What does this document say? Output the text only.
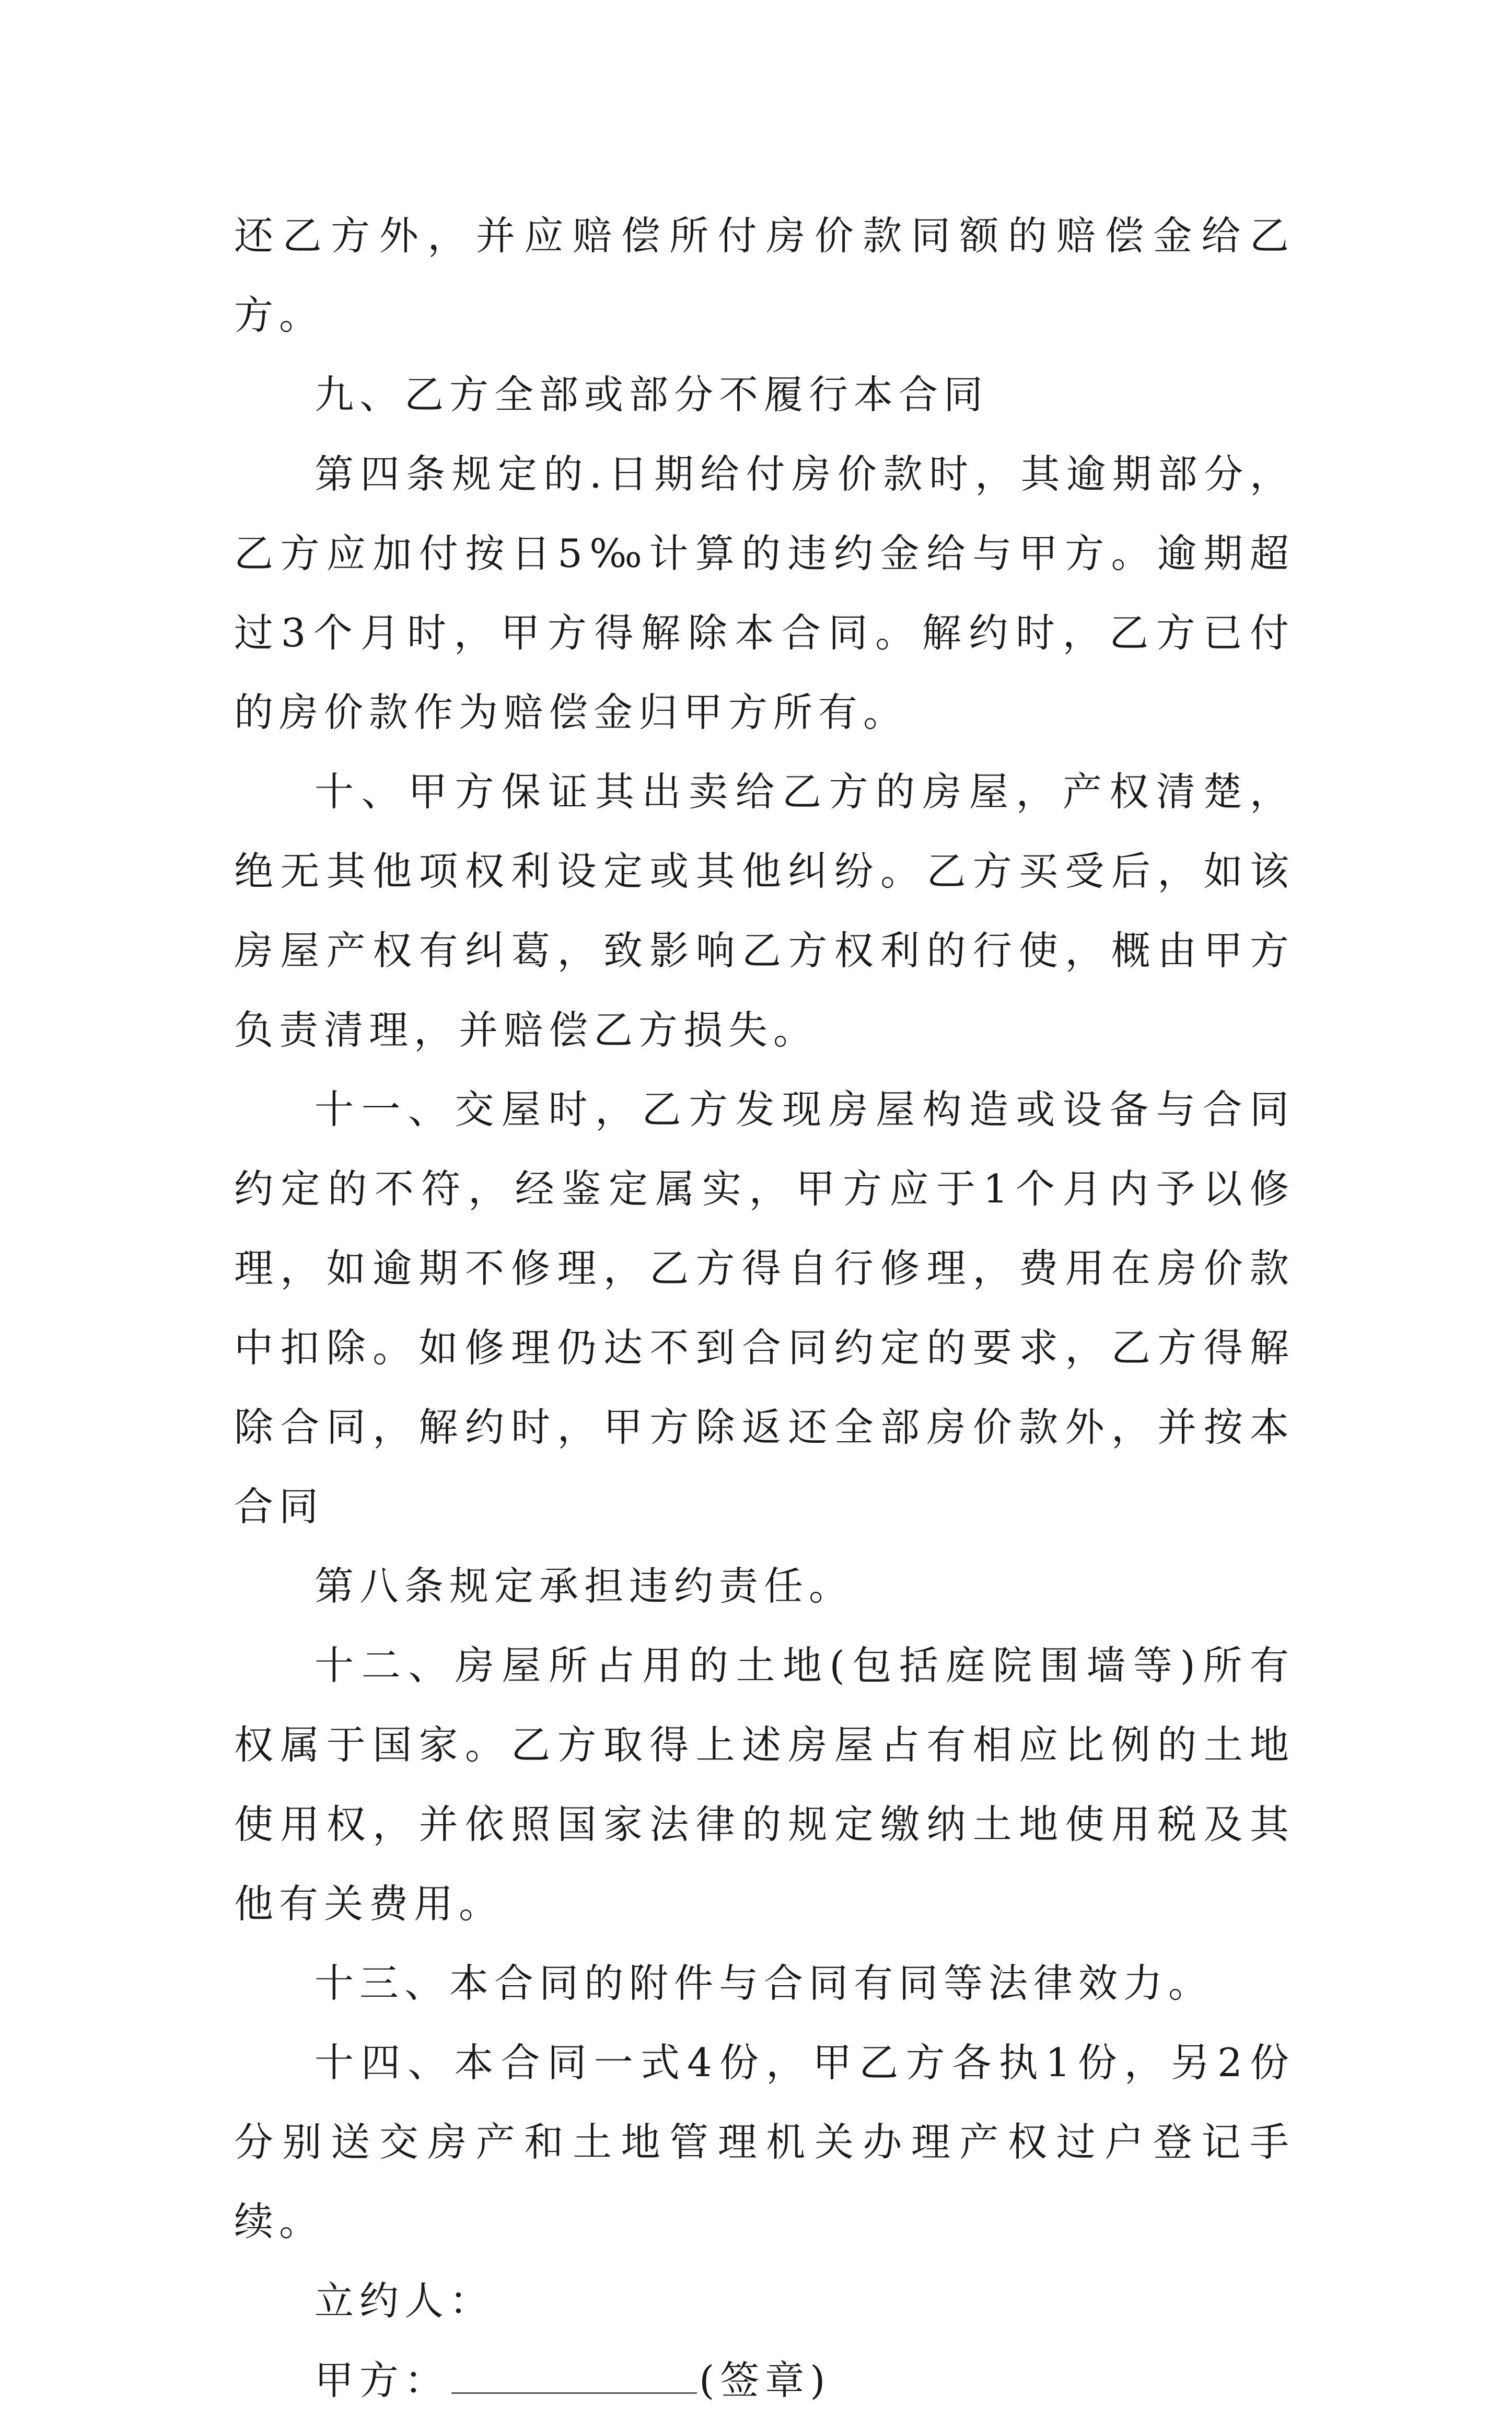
还乙方外，并应赔偿所付房价款同额的赔偿金给乙方。

九、乙方全部或部分不履行本合同

第四条规定的.日期给付房价款时，其逾期部分，乙方应加付按日5‰计算的违约金给与甲方。逾期超过3个月时，甲方得解除本合同。解约时，乙方已付的房价款作为赔偿金归甲方所有。

十、甲方保证其出卖给乙方的房屋，产权清楚，绝无其他项权利设定或其他纠纷。乙方买受后，如该房屋产权有纠葛，致影响乙方权利的行使，概由甲方负责清理，并赔偿乙方损失。

十一、交屋时，乙方发现房屋构造或设备与合同约定的不符，经鉴定属实，甲方应于1个月内予以修理，如逾期不修理，乙方得自行修理，费用在房价款中扣除。如修理仍达不到合同约定的要求，乙方得解除合同，解约时，甲方除返还全部房价款外，并按本合同

第八条规定承担违约责任。

十二、房屋所占用的土地(包括庭院围墙等)所有权属于国家。乙方取得上述房屋占有相应比例的土地使用权，并依照国家法律的规定缴纳土地使用税及其他有关费用。

十三、本合同的附件与合同有同等法律效力。

十四、本合同一式4份，甲乙方各执1份，另2份分别送交房产和土地管理机关办理产权过户登记手续。

立约人：

甲方：	(签章)
